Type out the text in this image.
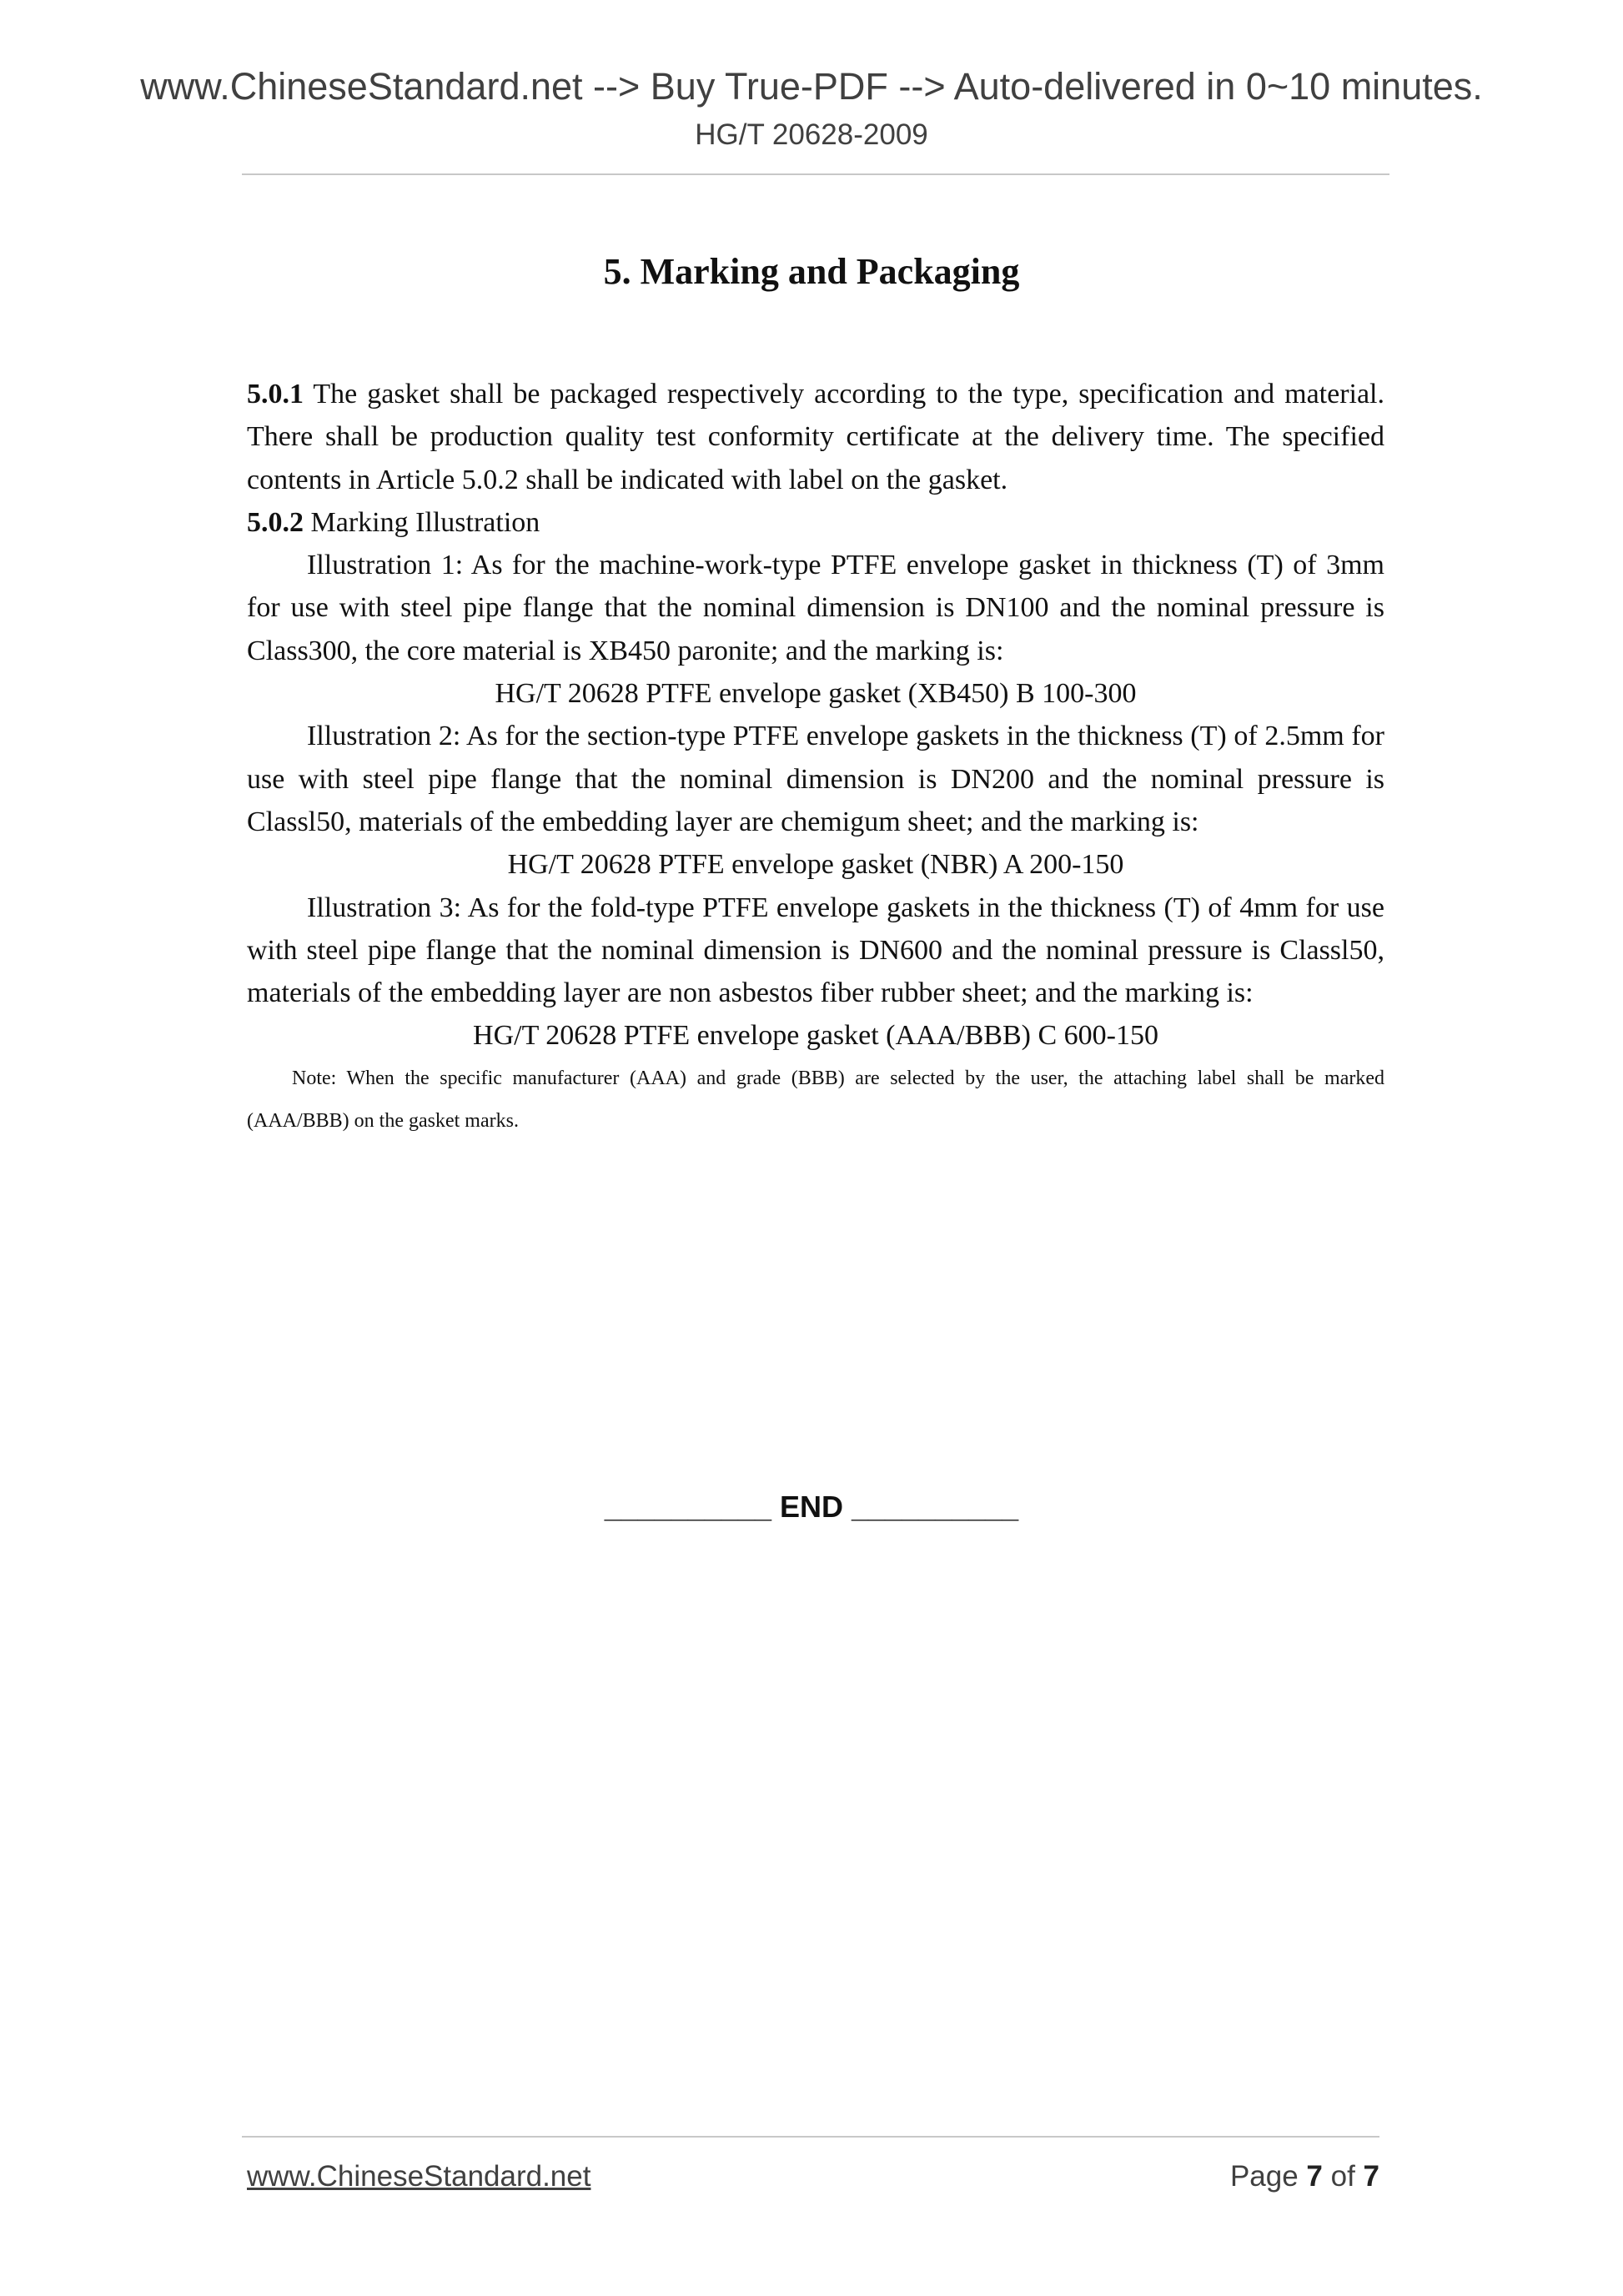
www.ChineseStandard.net --> Buy True-PDF --> Auto-delivered in 0~10 minutes.
HG/T 20628-2009
5. Marking and Packaging

5.0.1 The gasket shall be packaged respectively according to the type, specification and material. There shall be production quality test conformity certificate at the delivery time. The specified contents in Article 5.0.2 shall be indicated with label on the gasket.

5.0.2 Marking Illustration

Illustration 1: As for the machine-work-type PTFE envelope gasket in thickness (T) of 3mm for use with steel pipe flange that the nominal dimension is DN100 and the nominal pressure is Class300, the core material is XB450 paronite; and the marking is:

HG/T 20628 PTFE envelope gasket (XB450) B 100-300

Illustration 2: As for the section-type PTFE envelope gaskets in the thickness (T) of 2.5mm for use with steel pipe flange that the nominal dimension is DN200 and the nominal pressure is Classl50, materials of the embedding layer are chemigum sheet; and the marking is:

HG/T 20628 PTFE envelope gasket (NBR) A 200-150

Illustration 3: As for the fold-type PTFE envelope gaskets in the thickness (T) of 4mm for use with steel pipe flange that the nominal dimension is DN600 and the nominal pressure is Classl50, materials of the embedding layer are non asbestos fiber rubber sheet; and the marking is:

HG/T 20628 PTFE envelope gasket (AAA/BBB) C 600-150

Note: When the specific manufacturer (AAA) and grade (BBB) are selected by the user, the attaching label shall be marked (AAA/BBB) on the gasket marks.

__________ END __________
www.ChineseStandard.net	Page 7 of 7
